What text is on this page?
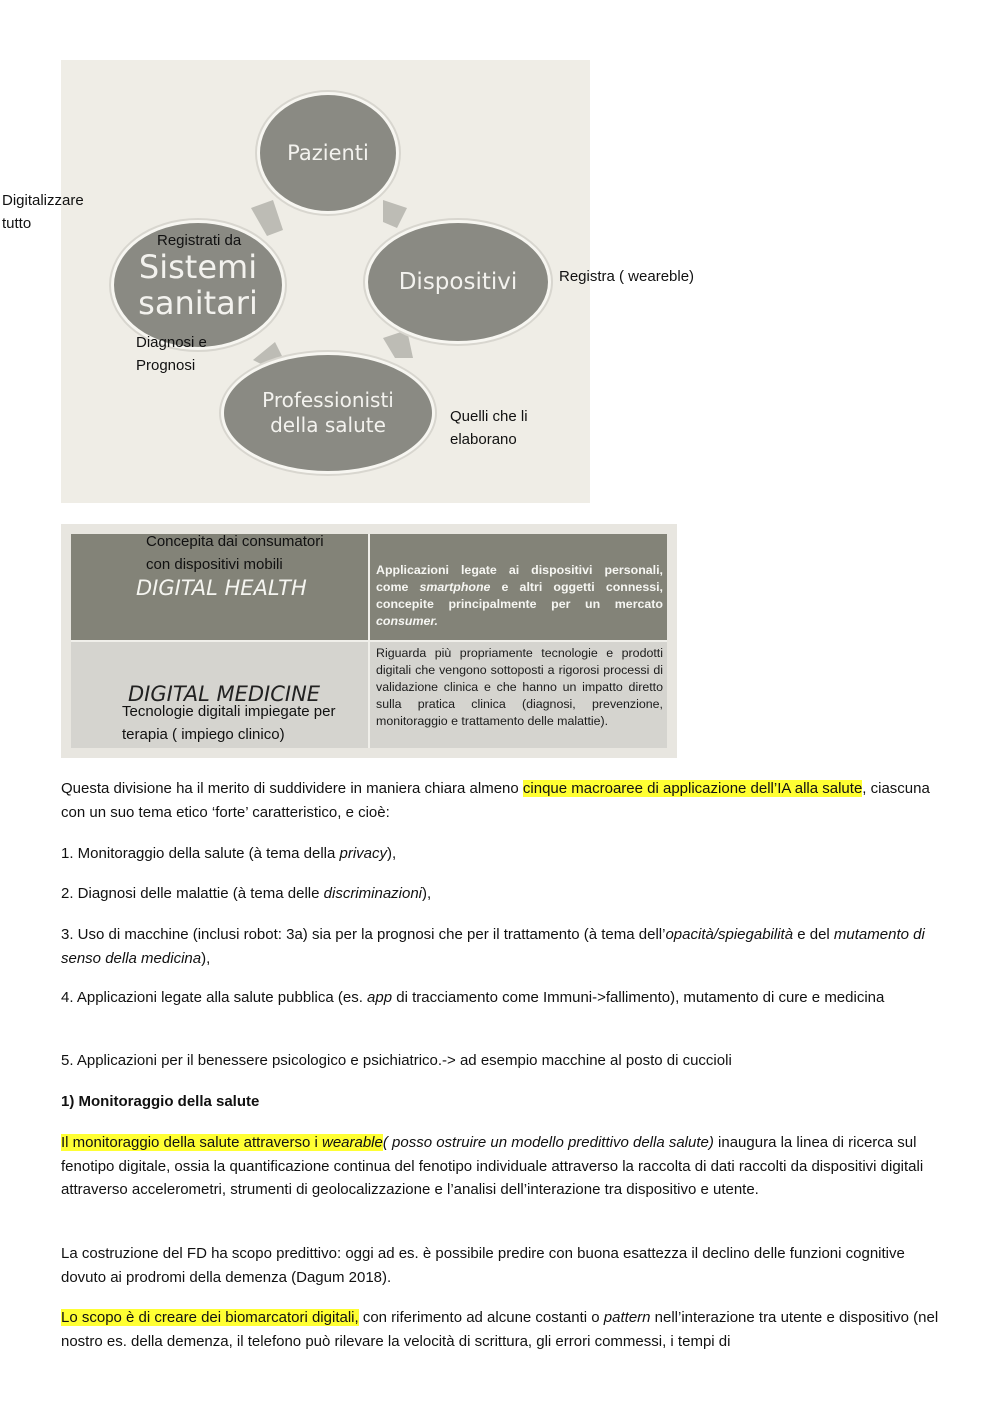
Pazienti
Sistemi
sanitari
Dispositivi
Professionisti
della salute
Digitalizzare
tutto
Registrati da
Registra ( weareble)
Diagnosi e
Prognosi
Quelli che li
elaborano
DIGITAL HEALTH
Applicazioni legate ai dispositivi personali, come smartphone e altri oggetti connessi, concepite principalmente per un mercato consumer.
DIGITAL MEDICINE
Riguarda più propriamente tecnologie e prodotti digitali che vengono sottoposti a rigorosi processi di validazione clinica e che hanno un impatto diretto sulla pratica clinica (diagnosi, prevenzione, monitoraggio e trattamento delle malattie).
Concepita dai consumatori
con dispositivi mobili
Tecnologie digitali impiegate per
terapia ( impiego clinico)
Questa divisione ha il merito di suddividere in maniera chiara almeno cinque macroaree di applicazione dell’IA alla salute, ciascuna con un suo tema etico ‘forte’ caratteristico, e cioè:
1. Monitoraggio della salute (à tema della privacy),
2. Diagnosi delle malattie (à tema delle discriminazioni),
3. Uso di macchine (inclusi robot: 3a) sia per la prognosi che per il trattamento (à tema dell’opacità/spiegabilità e del mutamento di senso della medicina),
4. Applicazioni legate alla salute pubblica (es. app di tracciamento come Immuni->fallimento), mutamento di cure e medicina
5. Applicazioni per il benessere psicologico e psichiatrico.-> ad esempio macchine al posto di cuccioli
1) Monitoraggio della salute
Il monitoraggio della salute attraverso i wearable( posso ostruire un modello predittivo della salute) inaugura la linea di ricerca sul fenotipo digitale, ossia la quantificazione continua del fenotipo individuale attraverso la raccolta di dati raccolti da dispositivi digitali attraverso accelerometri, strumenti di geolocalizzazione e l’analisi dell’interazione tra dispositivo e utente.
La costruzione del FD ha scopo predittivo: oggi ad es. è possibile predire con buona esattezza il declino delle funzioni cognitive dovuto ai prodromi della demenza (Dagum 2018).
Lo scopo è di creare dei biomarcatori digitali, con riferimento ad alcune costanti o pattern nell’interazione tra utente e dispositivo (nel nostro es. della demenza, il telefono può rilevare la velocità di scrittura, gli errori commessi, i tempi di
